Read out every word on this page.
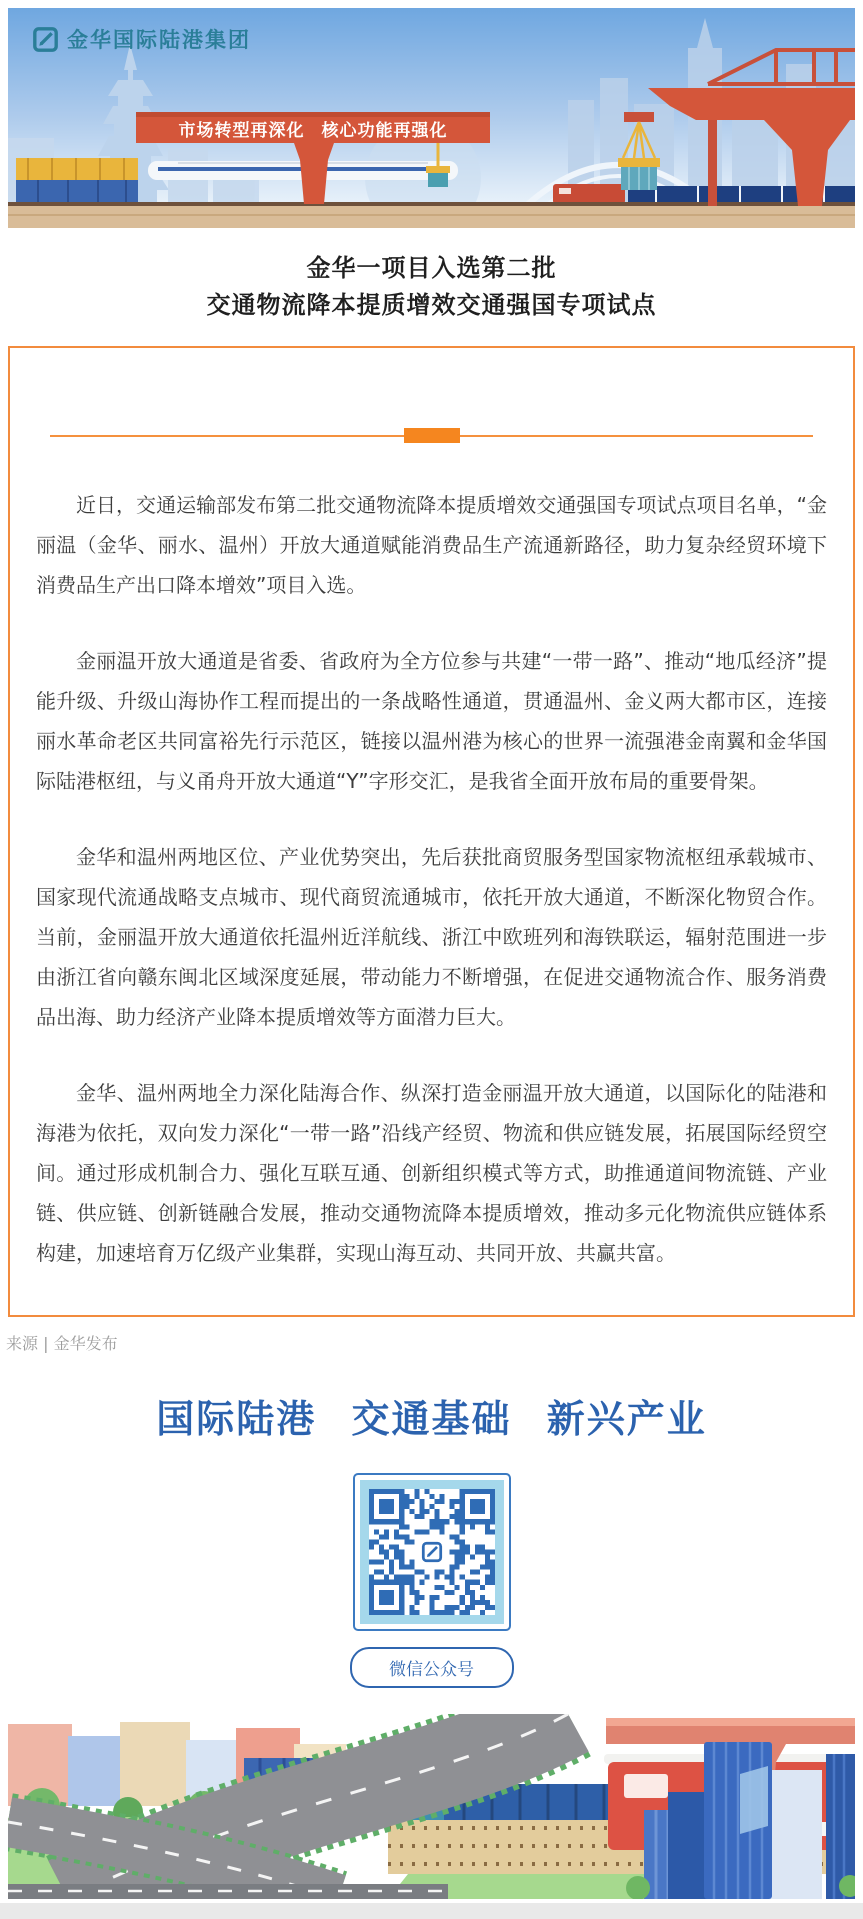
市场转型再深化 核心功能再强化
金华国际陆港集团
金华一项目入选第二批
交通物流降本提质增效交通强国专项试点

近日，交通运输部发布第二批交通物流降本提质增效交通强国专项试点项目名单，“金丽温（金华、丽水、温州）开放大通道赋能消费品生产流通新路径，助力复杂经贸环境下消费品生产出口降本增效”项目入选。

金丽温开放大通道是省委、省政府为全方位参与共建“一带一路”、推动“地瓜经济”提能升级、升级山海协作工程而提出的一条战略性通道，贯通温州、金义两大都市区，连接丽水革命老区共同富裕先行示范区，链接以温州港为核心的世界一流强港金南翼和金华国际陆港枢纽，与义甬舟开放大通道“Y”字形交汇，是我省全面开放布局的重要骨架。

金华和温州两地区位、产业优势突出，先后获批商贸服务型国家物流枢纽承载城市、国家现代流通战略支点城市、现代商贸流通城市，依托开放大通道，不断深化物贸合作。当前，金丽温开放大通道依托温州近洋航线、浙江中欧班列和海铁联运，辐射范围进一步由浙江省向赣东闽北区域深度延展，带动能力不断增强，在促进交通物流合作、服务消费品出海、助力经济产业降本提质增效等方面潜力巨大。

金华、温州两地全力深化陆海合作、纵深打造金丽温开放大通道，以国际化的陆港和海港为依托，双向发力深化“一带一路”沿线产经贸、物流和供应链发展，拓展国际经贸空间。通过形成机制合力、强化互联互通、创新组织模式等方式，助推通道间物流链、产业链、供应链、创新链融合发展，推动交通物流降本提质增效，推动多元化物流供应链体系构建，加速培育万亿级产业集群，实现山海互动、共同开放、共赢共富。

来源 | 金华发布
国际陆港 交通基础 新兴产业
微信公众号
